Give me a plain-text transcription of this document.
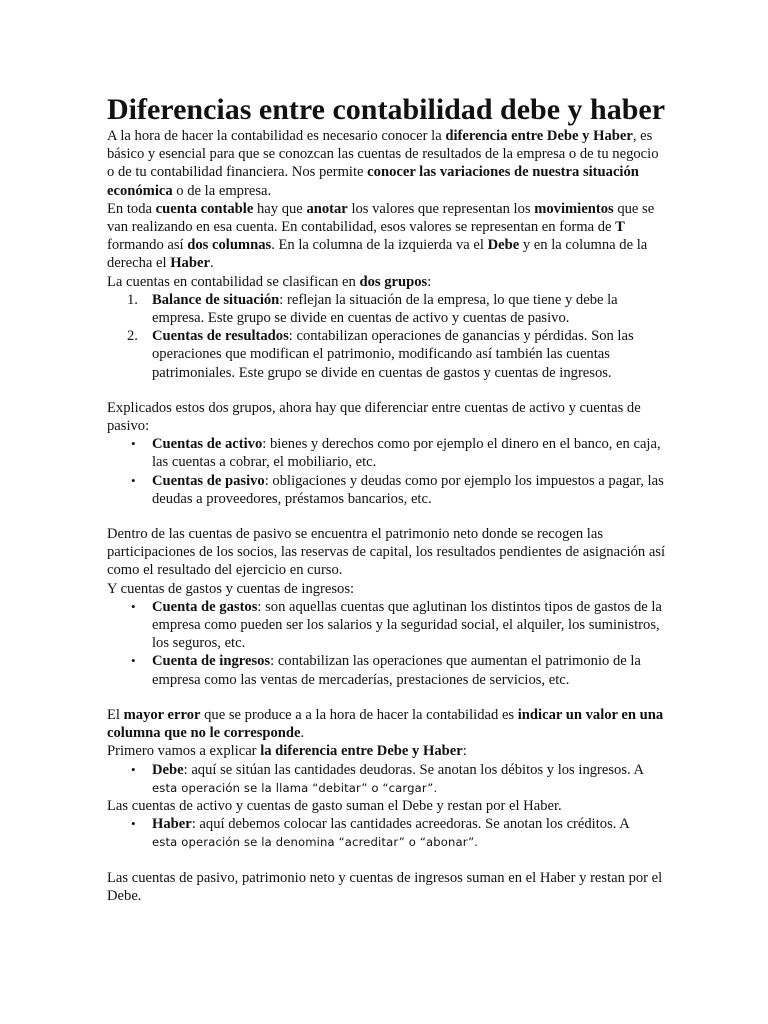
Diferencias entre contabilidad debe y haber

A la hora de hacer la contabilidad es necesario conocer la diferencia entre Debe y Haber, es básico y esencial para que se conozcan las cuentas de resultados de la empresa o de tu negocio o de tu contabilidad financiera. Nos permite conocer las variaciones de nuestra situación económica o de la empresa.

En toda cuenta contable hay que anotar los valores que representan los movimientos que se van realizando en esa cuenta. En contabilidad, esos valores se representan en forma de T formando así dos columnas. En la columna de la izquierda va el Debe y en la columna de la derecha el Haber.

La cuentas en contabilidad se clasifican en dos grupos:

1. Balance de situación: reflejan la situación de la empresa, lo que tiene y debe la empresa. Este grupo se divide en cuentas de activo y cuentas de pasivo.
2. Cuentas de resultados: contabilizan operaciones de ganancias y pérdidas. Son las operaciones que modifican el patrimonio, modificando así también las cuentas patrimoniales. Este grupo se divide en cuentas de gastos y cuentas de ingresos.

Explicados estos dos grupos, ahora hay que diferenciar entre cuentas de activo y cuentas de pasivo:

• Cuentas de activo: bienes y derechos como por ejemplo el dinero en el banco, en caja, las cuentas a cobrar, el mobiliario, etc.
• Cuentas de pasivo: obligaciones y deudas como por ejemplo los impuestos a pagar, las deudas a proveedores, préstamos bancarios, etc.

Dentro de las cuentas de pasivo se encuentra el patrimonio neto donde se recogen las participaciones de los socios, las reservas de capital, los resultados pendientes de asignación así como el resultado del ejercicio en curso.

Y cuentas de gastos y cuentas de ingresos:

• Cuenta de gastos: son aquellas cuentas que aglutinan los distintos tipos de gastos de la empresa como pueden ser los salarios y la seguridad social, el alquiler, los suministros, los seguros, etc.
• Cuenta de ingresos: contabilizan las operaciones que aumentan el patrimonio de la empresa como las ventas de mercaderías, prestaciones de servicios, etc.

El mayor error que se produce a a la hora de hacer la contabilidad es indicar un valor en una columna que no le corresponde.

Primero vamos a explicar la diferencia entre Debe y Haber:

• Debe: aquí se sitúan las cantidades deudoras. Se anotan los débitos y los ingresos. A
esta operación se la llama “debitar” o “cargar”.

Las cuentas de activo y cuentas de gasto suman el Debe y restan por el Haber.

• Haber: aquí debemos colocar las cantidades acreedoras. Se anotan los créditos. A
esta operación se la denomina “acreditar” o “abonar”.

Las cuentas de pasivo, patrimonio neto y cuentas de ingresos suman en el Haber y restan por el Debe.
